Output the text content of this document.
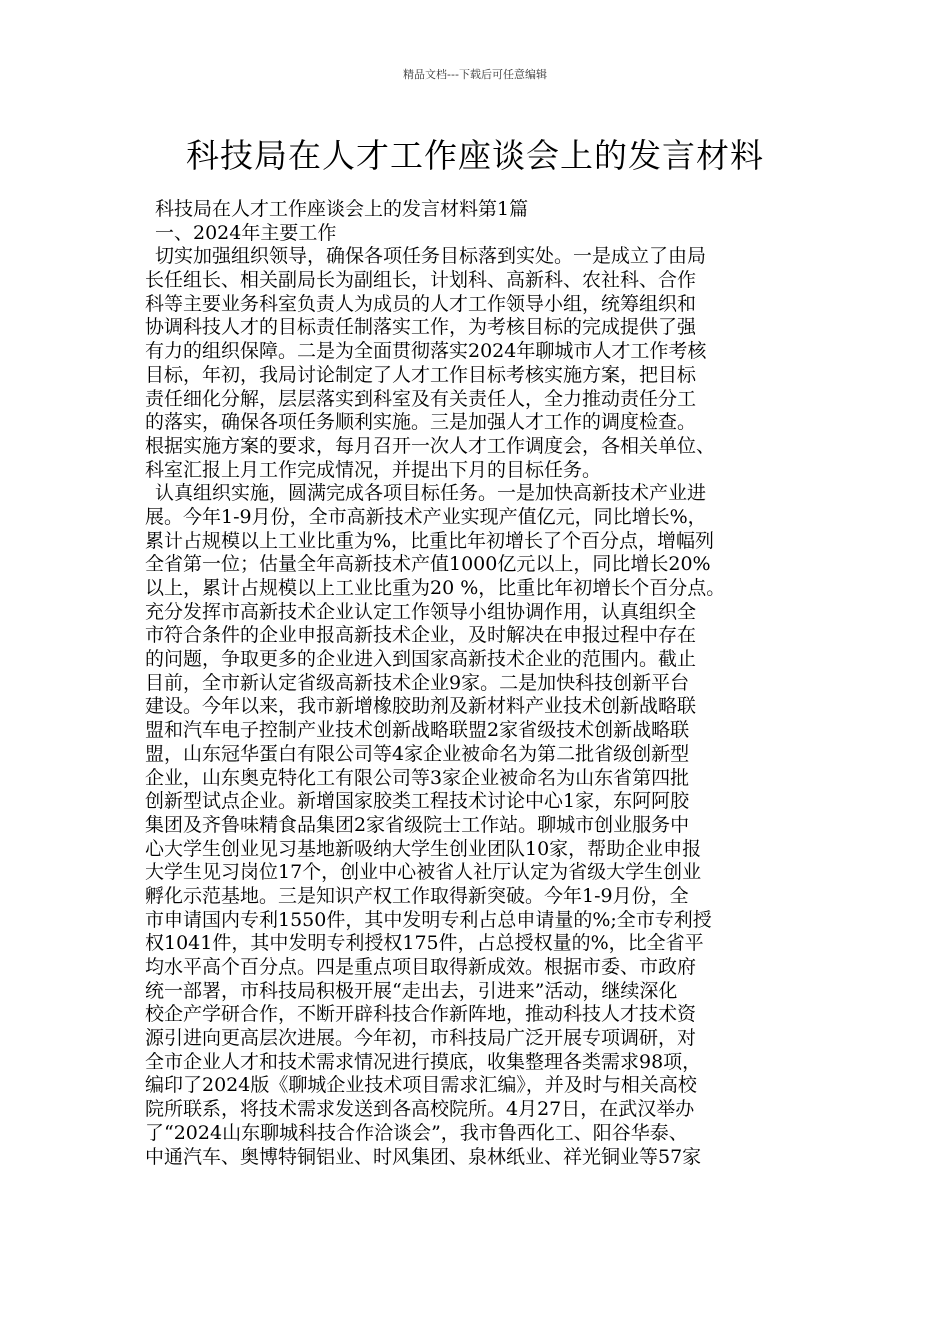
精品文档---下载后可任意编辑
科技局在人才工作座谈会上的发言材料
科技局在人才工作座谈会上的发言材料第1篇
一、2024年主要工作
切实加强组织领导，确保各项任务目标落到实处。一是成立了由局
长任组长、相关副局长为副组长，计划科、高新科、农社科、合作
科等主要业务科室负责人为成员的人才工作领导小组，统筹组织和
协调科技人才的目标责任制落实工作，为考核目标的完成提供了强
有力的组织保障。二是为全面贯彻落实2024年聊城市人才工作考核
目标，年初，我局讨论制定了人才工作目标考核实施方案，把目标
责任细化分解，层层落实到科室及有关责任人，全力推动责任分工
的落实，确保各项任务顺利实施。三是加强人才工作的调度检查。
根据实施方案的要求，每月召开一次人才工作调度会，各相关单位、
科室汇报上月工作完成情况，并提出下月的目标任务。
认真组织实施，圆满完成各项目标任务。一是加快高新技术产业进
展。今年1-9月份，全市高新技术产业实现产值亿元，同比增长%，
累计占规模以上工业比重为%，比重比年初增长了个百分点，增幅列
全省第一位；估量全年高新技术产值1000亿元以上，同比增长20%
以上，累计占规模以上工业比重为20 %，比重比年初增长个百分点。
充分发挥市高新技术企业认定工作领导小组协调作用，认真组织全
市符合条件的企业申报高新技术企业，及时解决在申报过程中存在
的问题，争取更多的企业进入到国家高新技术企业的范围内。截止
目前，全市新认定省级高新技术企业9家。二是加快科技创新平台
建设。今年以来，我市新增橡胶助剂及新材料产业技术创新战略联
盟和汽车电子控制产业技术创新战略联盟2家省级技术创新战略联
盟，山东冠华蛋白有限公司等4家企业被命名为第二批省级创新型
企业，山东奥克特化工有限公司等3家企业被命名为山东省第四批
创新型试点企业。新增国家胶类工程技术讨论中心1家，东阿阿胶
集团及齐鲁味精食品集团2家省级院士工作站。聊城市创业服务中
心大学生创业见习基地新吸纳大学生创业团队10家，帮助企业申报
大学生见习岗位17个，创业中心被省人社厅认定为省级大学生创业
孵化示范基地。三是知识产权工作取得新突破。今年1-9月份，全
市申请国内专利1550件，其中发明专利占总申请量的%;全市专利授
权1041件，其中发明专利授权175件，占总授权量的%，比全省平
均水平高个百分点。四是重点项目取得新成效。根据市委、市政府
统一部署，市科技局积极开展“走出去，引进来”活动，继续深化
校企产学研合作，不断开辟科技合作新阵地，推动科技人才技术资
源引进向更高层次进展。今年初，市科技局广泛开展专项调研，对
全市企业人才和技术需求情况进行摸底，收集整理各类需求98项，
编印了2024版《聊城企业技术项目需求汇编》，并及时与相关高校
院所联系，将技术需求发送到各高校院所。4月27日，在武汉举办
了“2024山东聊城科技合作洽谈会”，我市鲁西化工、阳谷华泰、
中通汽车、奥博特铜铝业、时风集团、泉林纸业、祥光铜业等57家
